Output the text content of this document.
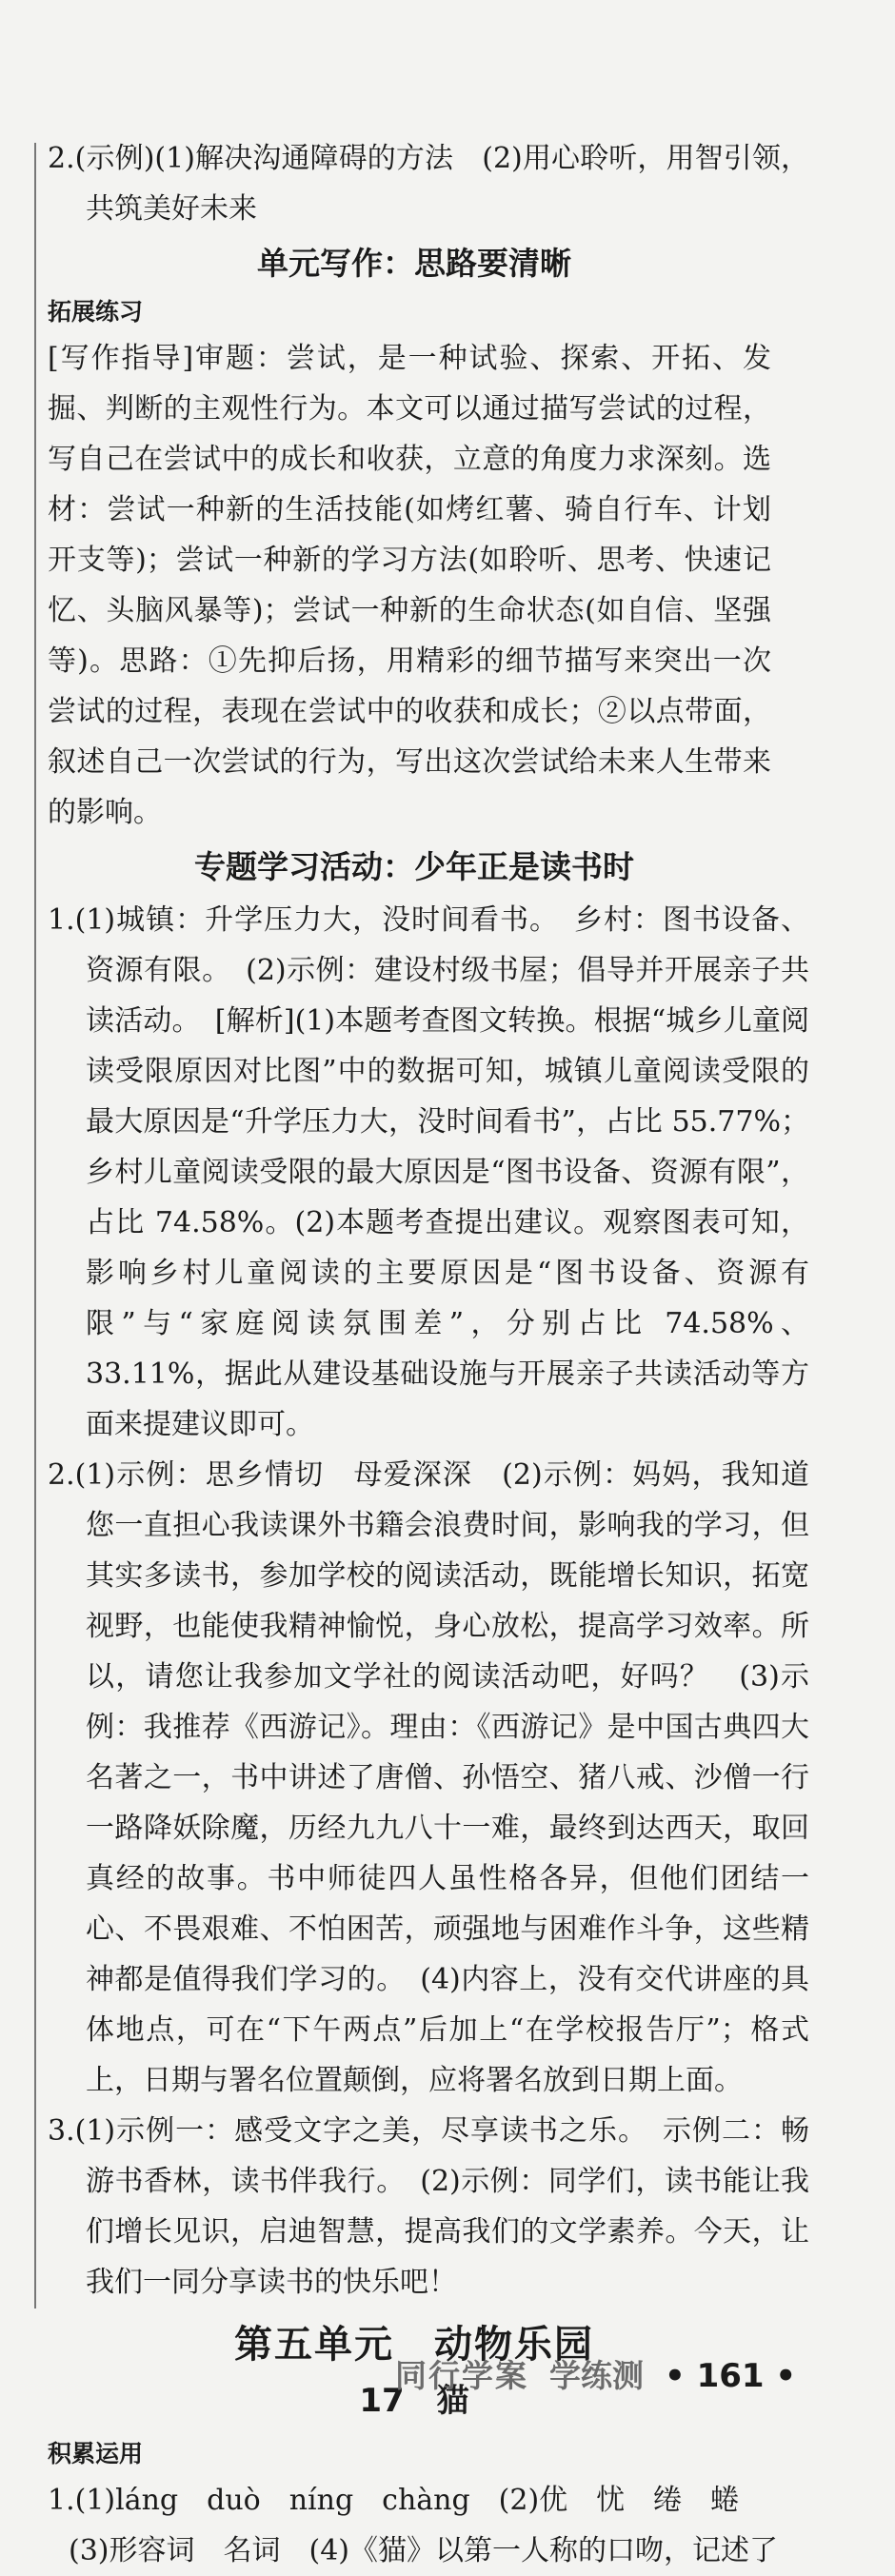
2.(示例)(1)解决沟通障碍的方法　(2)用心聆听，用智引领，共筑美好未来

单元写作：思路要清晰

拓展练习

[写作指导]审题：尝试，是一种试验、探索、开拓、发掘、判断的主观性行为。本文可以通过描写尝试的过程，写自己在尝试中的成长和收获，立意的角度力求深刻。选材：尝试一种新的生活技能(如烤红薯、骑自行车、计划开支等)；尝试一种新的学习方法(如聆听、思考、快速记忆、头脑风暴等)；尝试一种新的生命状态(如自信、坚强等)。思路：①先抑后扬，用精彩的细节描写来突出一次尝试的过程，表现在尝试中的收获和成长；②以点带面，叙述自己一次尝试的行为，写出这次尝试给未来人生带来的影响。

专题学习活动：少年正是读书时

1.(1)城镇：升学压力大，没时间看书。　乡村：图书设备、资源有限。　(2)示例：建设村级书屋；倡导并开展亲子共读活动。　[解析](1)本题考查图文转换。根据“城乡儿童阅读受限原因对比图”中的数据可知，城镇儿童阅读受限的最大原因是“升学压力大，没时间看书”，占比 55.77%；乡村儿童阅读受限的最大原因是“图书设备、资源有限”，占比 74.58%。(2)本题考查提出建议。观察图表可知，影响乡村儿童阅读的主要原因是“图书设备、资源有限”与“家庭阅读氛围差”，分别占比 74.58%、33.11%，据此从建设基础设施与开展亲子共读活动等方面来提建议即可。

2.(1)示例：思乡情切　母爱深深　(2)示例：妈妈，我知道您一直担心我读课外书籍会浪费时间，影响我的学习，但其实多读书，参加学校的阅读活动，既能增长知识，拓宽视野，也能使我精神愉悦，身心放松，提高学习效率。所以，请您让我参加文学社的阅读活动吧，好吗？　(3)示例：我推荐《西游记》。理由：《西游记》是中国古典四大名著之一，书中讲述了唐僧、孙悟空、猪八戒、沙僧一行一路降妖除魔，历经九九八十一难，最终到达西天，取回真经的故事。书中师徒四人虽性格各异，但他们团结一心、不畏艰难、不怕困苦，顽强地与困难作斗争，这些精神都是值得我们学习的。　(4)内容上，没有交代讲座的具体地点，可在“下午两点”后加上“在学校报告厅”；格式上，日期与署名位置颠倒，应将署名放到日期上面。

3.(1)示例一：感受文字之美，尽享读书之乐。　示例二：畅游书香林，读书伴我行。　(2)示例：同学们，读书能让我们增长见识，启迪智慧，提高我们的文学素养。今天，让我们一同分享读书的快乐吧！

第五单元　动物乐园
17　猫

积累运用

1.(1)láng　duò　níng　chàng　(2)优　忧　绻　蜷

(3)形容词　名词　(4)《猫》以第一人称的口吻，记述了

同行学案 学练测 • 161 •
